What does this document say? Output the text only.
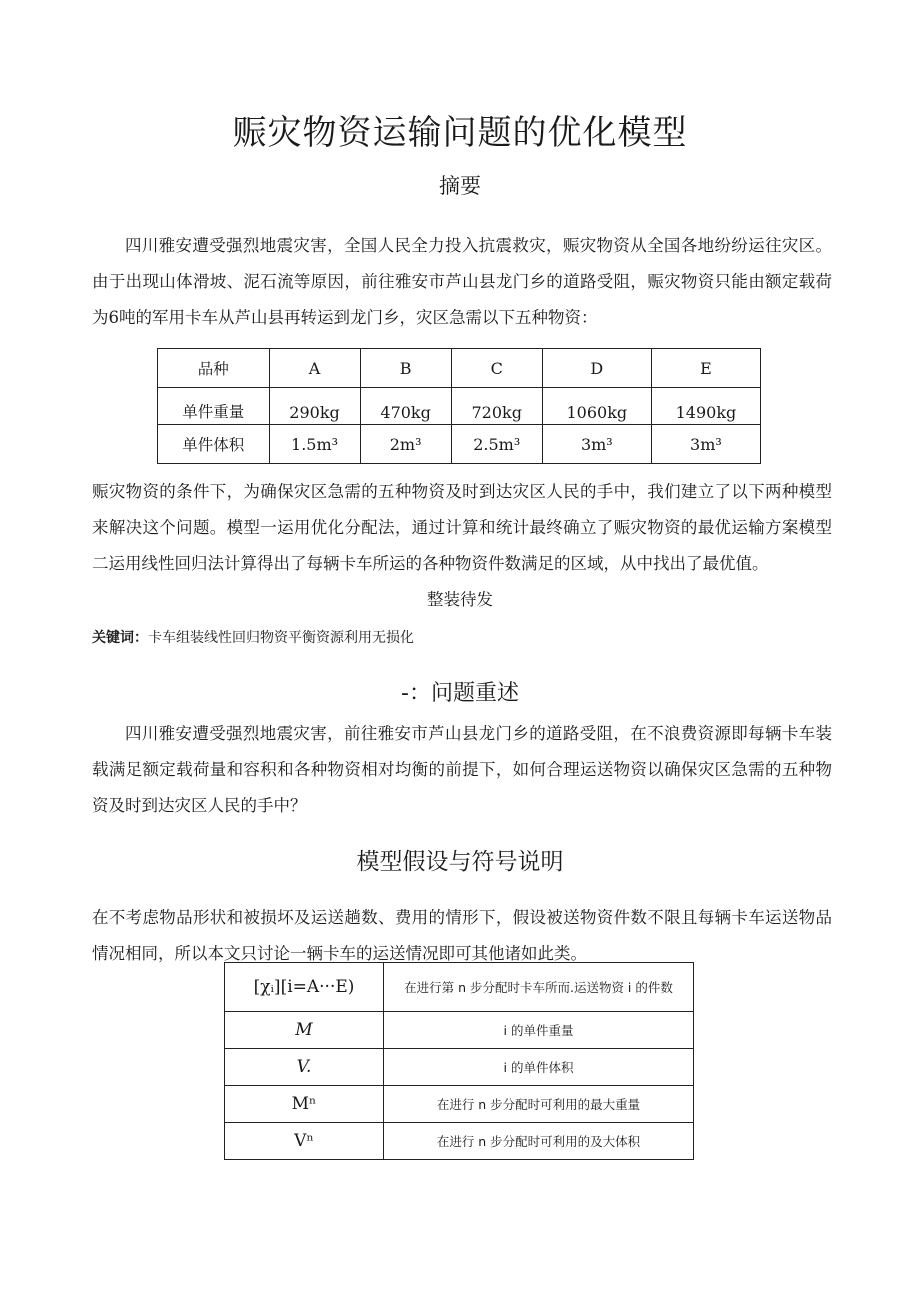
赈灾物资运输问题的优化模型
摘要
四川雅安遭受强烈地震灾害，全国人民全力投入抗震救灾，赈灾物资从全国各地纷纷运往灾区。由于出现山体滑坡、泥石流等原因，前往雅安市芦山县龙门乡的道路受阻，赈灾物资只能由额定载荷为6吨的军用卡车从芦山县再转运到龙门乡，灾区急需以下五种物资：
品种	A	B	C	D	E
单件重量	290kg	470kg	720kg	1060kg	1490kg
单件体积	1.5m³	2m³	2.5m³	3m³	3m³
赈灾物资的条件下，为确保灾区急需的五种物资及时到达灾区人民的手中，我们建立了以下两种模型来解决这个问题。模型一运用优化分配法，通过计算和统计最终确立了赈灾物资的最优运输方案模型二运用线性回归法计算得出了每辆卡车所运的各种物资件数满足的区域，从中找出了最优值。
整装待发
关键词：卡车组装线性回归物资平衡资源利用无损化
-：问题重述
四川雅安遭受强烈地震灾害，前往雅安市芦山县龙门乡的道路受阻，在不浪费资源即每辆卡车装载满足额定载荷量和容积和各种物资相对均衡的前提下，如何合理运送物资以确保灾区急需的五种物资及时到达灾区人民的手中？
模型假设与符号说明
在不考虑物品形状和被损坏及运送趟数、费用的情形下，假设被送物资件数不限且每辆卡车运送物品情况相同，所以本文只讨论一辆卡车的运送情况即可其他诸如此类。
[χᵢ][i=A···E)	在进行第 n 步分配时卡车所而.运送物资 i 的件数
M	i 的单件重量
V.	i 的单件体积
Mⁿ	在进行 n 步分配时可利用的最大重量
Vⁿ	在进行 n 步分配时可利用的及大体积
